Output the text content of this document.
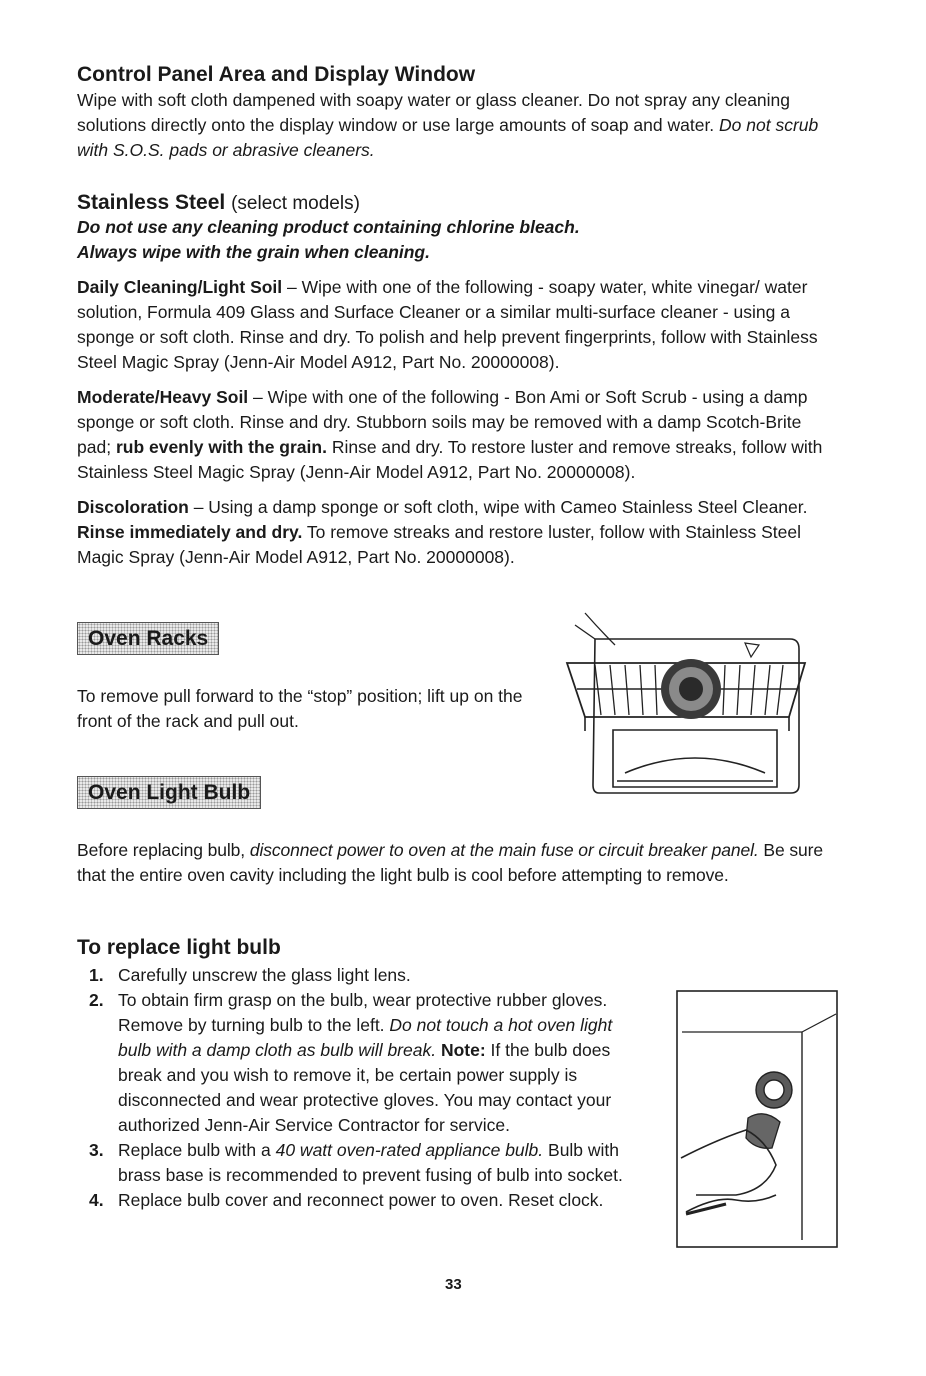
Control Panel Area and Display Window

Wipe with soft cloth dampened with soapy water or glass cleaner. Do not spray any cleaning solutions directly onto the display window or use large amounts of soap and water. Do not scrub with S.O.S. pads or abrasive cleaners.

Stainless Steel (select models)

Do not use any cleaning product containing chlorine bleach.

Always wipe with the grain when cleaning.

Daily Cleaning/Light Soil – Wipe with one of the following - soapy water, white vinegar/ water solution, Formula 409 Glass and Surface Cleaner or a similar multi-surface cleaner - using a sponge or soft cloth. Rinse and dry. To polish and help prevent fingerprints, follow with Stainless Steel Magic Spray (Jenn-Air Model A912, Part No. 20000008).

Moderate/Heavy Soil – Wipe with one of the following - Bon Ami or Soft Scrub - using a damp sponge or soft cloth. Rinse and dry. Stubborn soils may be removed with a damp Scotch-Brite pad; rub evenly with the grain. Rinse and dry. To restore luster and remove streaks, follow with Stainless Steel Magic Spray (Jenn-Air Model A912, Part No. 20000008).

Discoloration – Using a damp sponge or soft cloth, wipe with Cameo Stainless Steel Cleaner. Rinse immediately and dry. To remove streaks and restore luster, follow with Stainless Steel Magic Spray (Jenn-Air Model A912, Part No. 20000008).

Oven Racks
To remove pull forward to the “stop” position; lift up on the front of the rack and pull out.
Oven Light Bulb

Before replacing bulb, disconnect power to oven at the main fuse or circuit breaker panel. Be sure that the entire oven cavity including the light bulb is cool before attempting to remove.

To replace light bulb
1. Carefully unscrew the glass light lens.
2. To obtain firm grasp on the bulb, wear protective rubber gloves. Remove by turning bulb to the left. Do not touch a hot oven light bulb with a damp cloth as bulb will break. Note: If the bulb does break and you wish to remove it, be certain power supply is disconnected and wear protective gloves. You may contact your authorized Jenn-Air Service Contractor for service.
3. Replace bulb with a 40 watt oven-rated appliance bulb. Bulb with brass base is recommended to prevent fusing of bulb into socket.
4. Replace bulb cover and reconnect power to oven. Reset clock.
33
